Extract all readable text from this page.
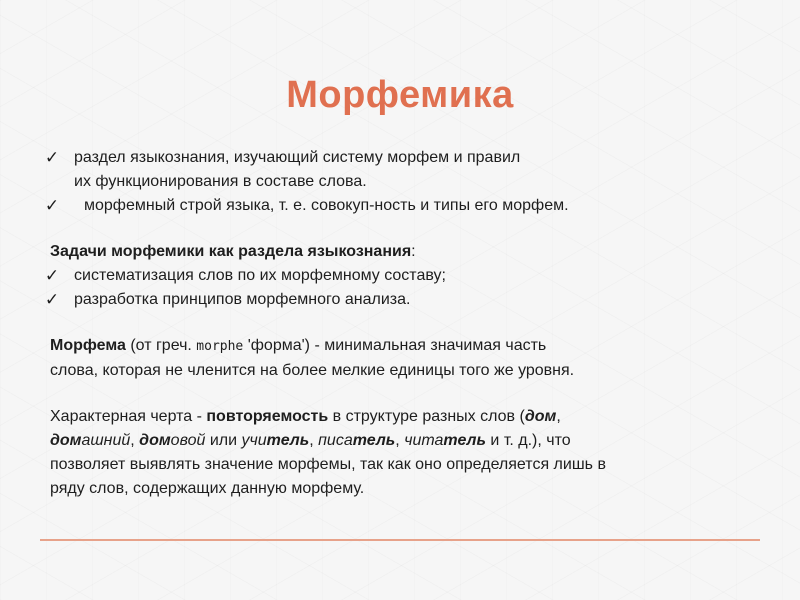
Морфемика
✓ раздел языкознания, изучающий систему морфем и правил
их функционирования в составе слова.
✓	морфемный строй языка, т. е. совокуп-ность и типы его морфем.
Задачи морфемики как раздела языкознания:
✓ систематизация слов по их морфемному составу;
✓ разработка принципов морфемного анализа.
Морфема (от греч. morphe 'форма') - минимальная значимая часть
слова, которая не членится на более мелкие единицы того же уровня.
Характерная черта - повторяемость в структуре разных слов (дом,
домашний, домовой или учитель, писатель, читатель и т. д.), что
позволяет выявлять значение морфемы, так как оно определяется лишь в
ряду слов, содержащих данную морфему.
